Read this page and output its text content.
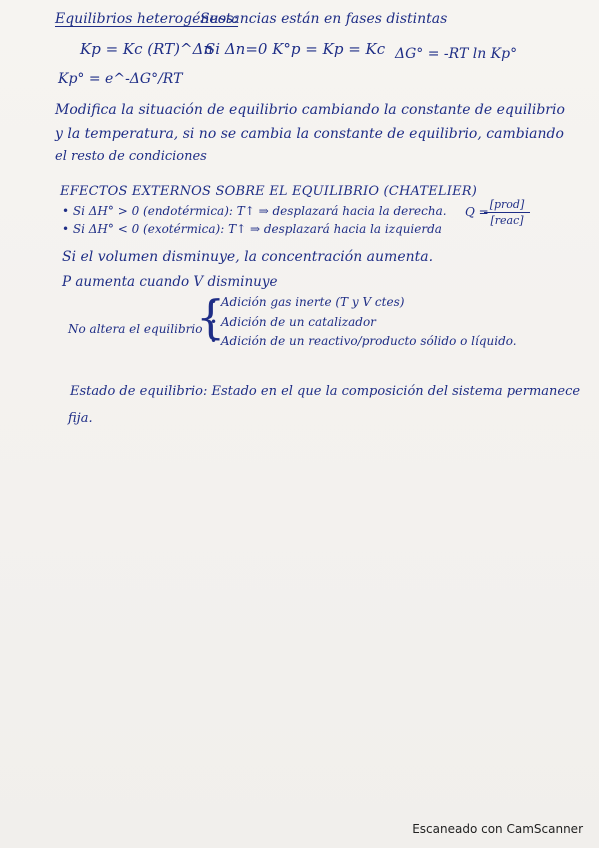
Equilibrios heterogéneos:
Sustancias están en fases distintas
Kp = Kc (RT)^Δn
Si Δn=0 K°p = Kp = Kc ΔG° = -RT ln Kp°
Kp° = e^-ΔG°/RT
Modifica la situación de equilibrio cambiando la constante de equilibrio
y la temperatura, si no se cambia la constante de equilibrio, cambiando
el resto de condiciones
EFECTOS EXTERNOS SOBRE EL EQUILIBRIO (CHATELIER)
• Si ΔH° > 0 (endotérmica): T↑ ⇒ desplazará hacia la derecha.
• Si ΔH° < 0 (exotérmica): T↑ ⇒ desplazará hacia la izquierda
Q =
[prod]
[reac]
Si el volumen disminuye, la concentración aumenta.
P aumenta cuando V disminuye
No altera el equilibrio
{
• Adición gas inerte (T y V ctes)
• Adición de un catalizador
• Adición de un reactivo/producto sólido o líquido.
Estado de equilibrio: Estado en el que la composición del sistema permanece
fija.
Escaneado con CamScanner
